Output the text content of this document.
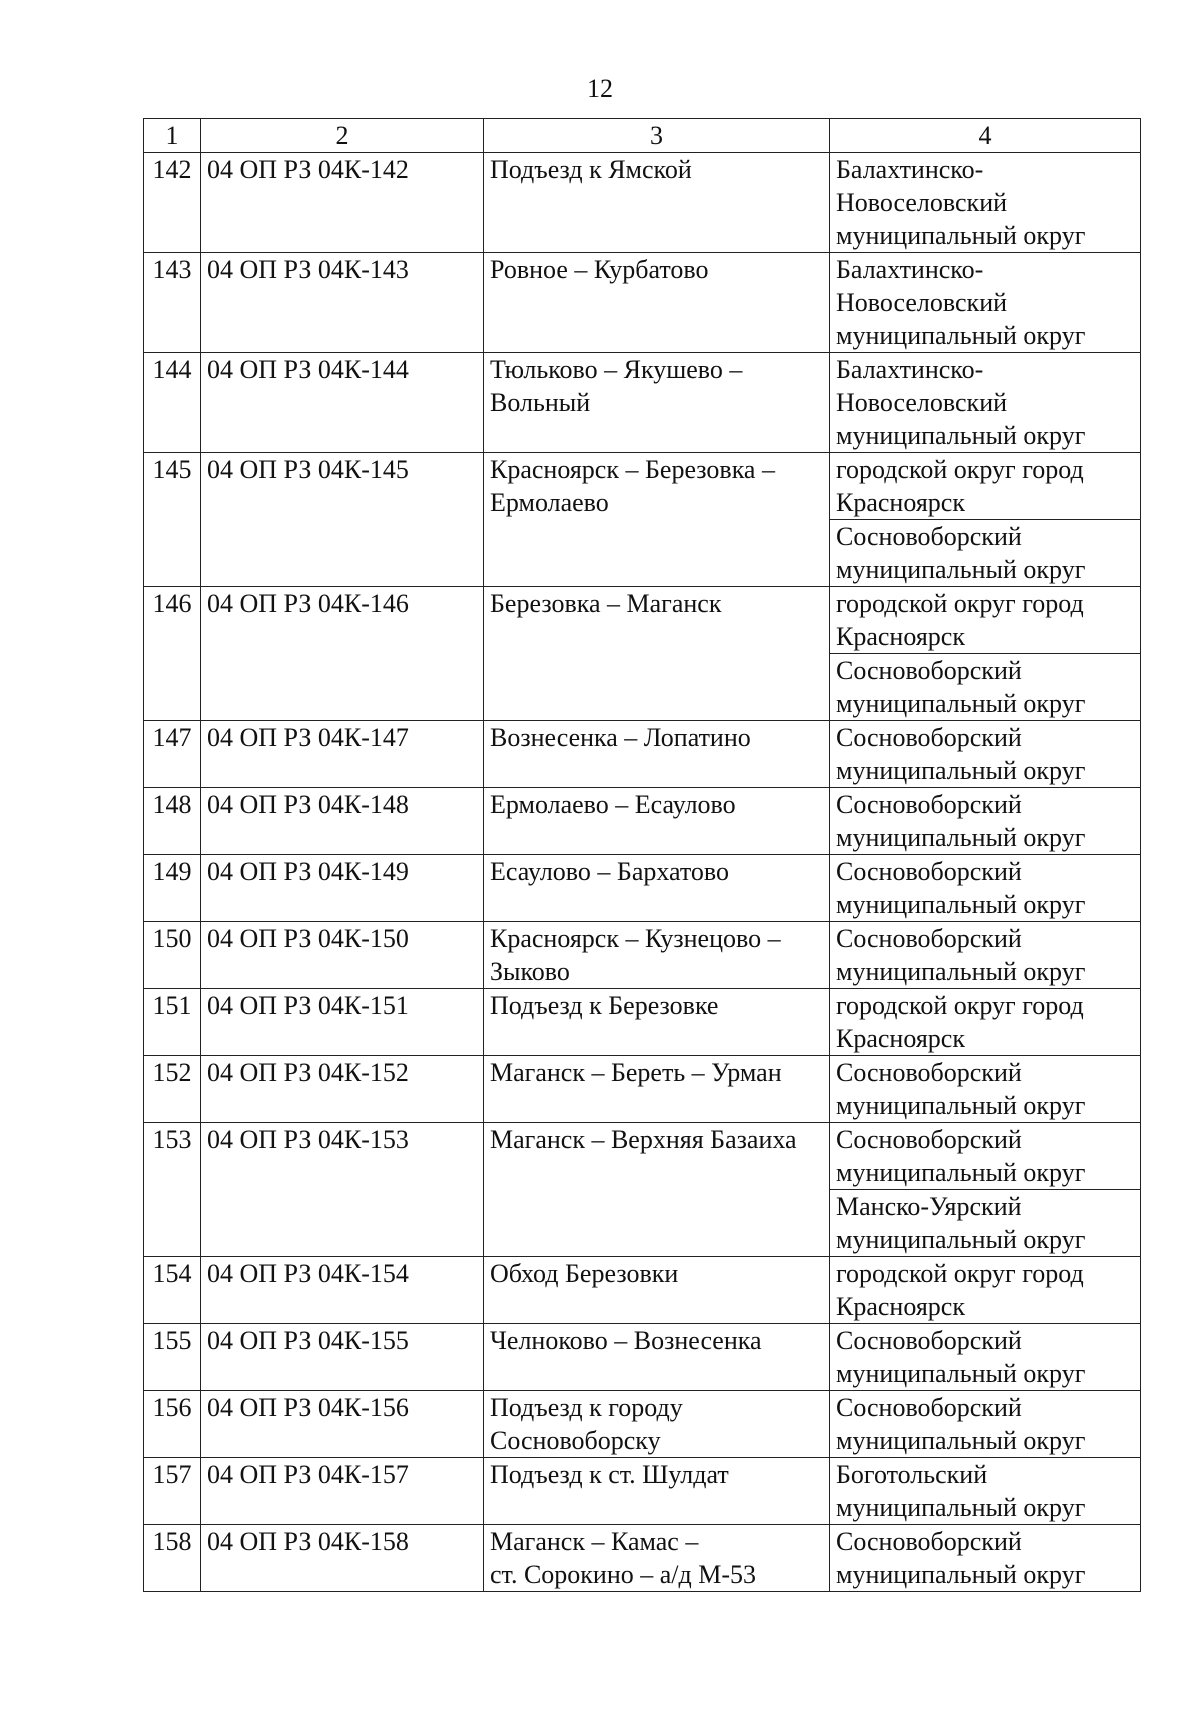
12
1	2	3	4
142	04 ОП РЗ 04К-142	Подъезд к Ямской	Балахтинско-
Новоселовский
муниципальный округ

143	04 ОП РЗ 04К-143	Ровное – Курбатово	Балахтинско-
Новоселовский
муниципальный округ

144	04 ОП РЗ 04К-144	Тюльково – Якушево –
Вольный	Балахтинско-
Новоселовский
муниципальный округ

145	04 ОП РЗ 04К-145	Красноярск – Березовка –
Ермолаево	городской округ город
Красноярск
Сосновоборский
муниципальный округ

146	04 ОП РЗ 04К-146	Березовка – Маганск	городской округ город
Красноярск
Сосновоборский
муниципальный округ

147	04 ОП РЗ 04К-147	Вознесенка – Лопатино	Сосновоборский
муниципальный округ

148	04 ОП РЗ 04К-148	Ермолаево – Есаулово	Сосновоборский
муниципальный округ

149	04 ОП РЗ 04К-149	Есаулово – Бархатово	Сосновоборский
муниципальный округ

150	04 ОП РЗ 04К-150	Красноярск – Кузнецово –
Зыково	Сосновоборский
муниципальный округ

151	04 ОП РЗ 04К-151	Подъезд к Березовке	городской округ город
Красноярск

152	04 ОП РЗ 04К-152	Маганск – Береть – Урман	Сосновоборский
муниципальный округ

153	04 ОП РЗ 04К-153	Маганск – Верхняя Базаиха	Сосновоборский
муниципальный округ
Манско-Уярский
муниципальный округ

154	04 ОП РЗ 04К-154	Обход Березовки	городской округ город
Красноярск

155	04 ОП РЗ 04К-155	Челноково – Вознесенка	Сосновоборский
муниципальный округ

156	04 ОП РЗ 04К-156	Подъезд к городу
Сосновоборску	Сосновоборский
муниципальный округ

157	04 ОП РЗ 04К-157	Подъезд к ст. Шулдат	Боготольский
муниципальный округ

158	04 ОП РЗ 04К-158	Маганск – Камас –
ст. Сорокино – а/д М-53	Сосновоборский
муниципальный округ
